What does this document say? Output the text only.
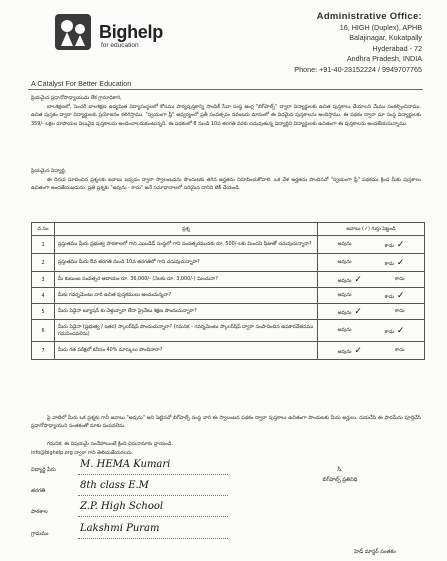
Bighelp
for education
A Catalyst For Better Education
Administrative Office:
16, HIGH (Duplex), APHB
Balajinagar, Kukatpally
Hyderabad - 72
Andhra Pradesh, INDIA
Phone: +91-40-23152224 / 9949707765
ప్రియమైన ప్రధానోపాధ్యాయుడు లేక గ్రామాధికారి,
బాలశిక్షణలో, సెంచరీ బాలశిక్షణ ఉద్యమిత విద్యాసంస్థలలో కోసము పాఠ్యపుస్తకాన్ని సాంపిక్ సేవా సంస్థ ఆంగ్ల "బిగ్‌హెల్ప్" ద్వారా విద్యార్థులకు ఉచిత పుస్తకాలు చేయాలని మేము సంకల్పించినాము. ఉచిత పుస్తకం ద్వారా విద్యార్థులకు ప్రయోజనం కలిగిస్తాము. "స్వయంగా ఫ్రీ" ఆధ్వర్యంలో ప్రతీ సంవత్సరం నవంబరు మాసంలో ఈ విధమైన పుస్తకాలను అందిస్తాము. ఈ పథకం ద్వారా మా సంస్థ విద్యార్థులకు 359/- లక్షల రూపాయల విలువైన పుస్తకాలను అందించాలనుకుంటున్నది. ఈ పథకంలో 8 నుండి 10వ తరగతి వరకు చదువుతున్న విద్యార్థిని విద్యార్థులకు ఉచితంగా ఈ పుస్తకాలను అందజేయనున్నాము.
ప్రియమైన విద్యార్థి,
ఈ దిగువ సూచించిన ప్రశ్నలకు జవాబు ఇవ్వడం ద్వారా స్వాలంబనను పొందుటకు తగిన అర్హతను నిరూపించుకోవాలి. ఒక వేళ అర్హతను పొందినచో "స్వయంగా ఫ్రీ" పథకము క్రింద మీకు పుస్తకాలు ఉచితంగా అందజేయబడును. ప్రతి ప్రశ్నకు "అవును - కాదు" అనే సమాధానాలలో సరియైన దానిని టిక్ చేయండి.
వ.సం	ప్రశ్న	జవాబు (✓) గుర్తు పెట్టండి
1	ప్రస్తుతము మీరు ప్రభుత్వ పాఠశాలలో గాని ఎయిడెడ్ సంస్థలో గాని సంవత్సరమునకు రూ. 500/-లకు మించని ఫీజుతో చదువుచున్నారా?	అవును కాదు ✓

2	ప్రస్తుతము మీరు 8వ తరగతి నుండి 10వ తరగతిలో గాని చదువుచున్నారా?	అవును కాదు ✓

3	మీ కుటుంబ సంవత్సర ఆదాయం రూ. 36,000/- (నెలకు రూ. 3,000/-) మించునా?	అవును ✓ కాదు

4	మీకు గవర్నమెంటు వారి ఉచిత పుస్తకములు అందుచున్నవా?	అవును కాదు ✓

5	మీరు ఏదైనా ట్యూషన్ కు వెళ్తున్నారా లేదా ప్రైవేటు శిక్షణ పొందుచున్నారా?	అవును ✓ కాదు

6	మీరు ఏదైనా (ప్రభుత్వ / ఇతర) స్కాలర్‌షిప్ పొందుచున్నారా? (గమనిక - గవర్నమెంటు స్కాలర్‌షిప్ ద్వారా సంపాదించిన ఉపకారవేతనము గమనించవలెను)	అవును కాదు ✓

7	మీరు గత పరీక్షలో కనీసం 40% మార్కులు పొందినారా?	అవును ✓ కాదు
పై వాటిలో మీరు ఒక ప్రశ్నకు గానీ జవాబు "అవును" అని పెట్టినచో బిగ్‌హెల్ప్ సంస్థ వారి ఈ స్వాలంబన పథకం ద్వారా పుస్తకాలు ఉచితంగా పొందుటకు మీరు అర్హులు. దయచేసి ఈ ఫారమ్‌ను పూర్తిచేసి ప్రధానోపాధ్యాయుని సంతకంతో మాకు పంపవలెను.
గమనిక: ఈ విషయమై సందేహాలుంటే క్రింది చిరునామాకు వ్రాయండి.
info@bighelp.org ద్వారా గాని తెలియజేయగలరు.
విద్యార్థి పేరు M. HEMA Kumari
తరగతి	8th class E.M
పాఠశాల	Z.P. High School
గ్రామము	Lakshmi Puram
సీ.
బిగ్‌హెల్ప్ ప్రతినిధి
హెడ్ మాస్టర్ సంతకం
